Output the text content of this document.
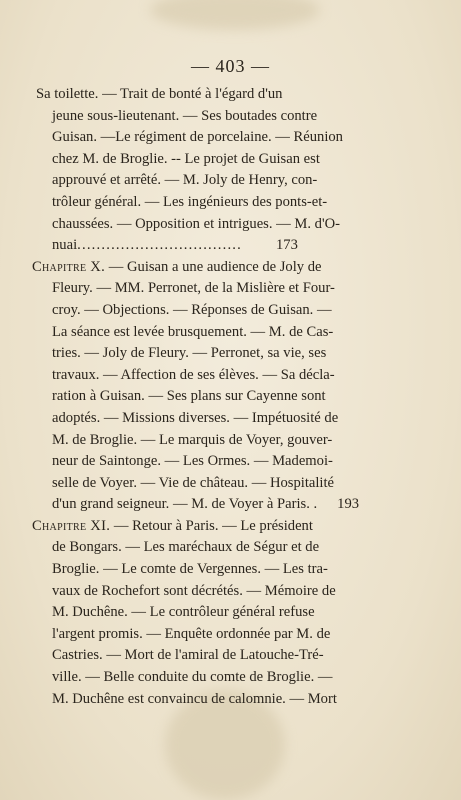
— 403 —
Sa toilette. — Trait de bonté à l'égard d'un
jeune sous-lieutenant. — Ses boutades contre
Guisan. —Le régiment de porcelaine. — Réunion
chez M. de Broglie. -- Le projet de Guisan est
approuvé et arrêté. — M. Joly de Henry, con-
trôleur général. — Les ingénieurs des ponts-et-
chaussées. — Opposition et intrigues. — M. d'O-
nuai.................................. 173
Chapitre X. — Guisan a une audience de Joly de
Fleury. — MM. Perronet, de la Mislière et Four-
croy. — Objections. — Réponses de Guisan. —
La séance est levée brusquement. — M. de Cas-
tries. — Joly de Fleury. — Perronet, sa vie, ses
travaux. — Affection de ses élèves. — Sa décla-
ration à Guisan. — Ses plans sur Cayenne sont
adoptés. — Missions diverses. — Impétuosité de
M. de Broglie. — Le marquis de Voyer, gouver-
neur de Saintonge. — Les Ormes. — Mademoi-
selle de Voyer. — Vie de château. — Hospitalité
d'un grand seigneur. — M. de Voyer à Paris. . 193
Chapitre XI. — Retour à Paris. — Le président
de Bongars. — Les maréchaux de Ségur et de
Broglie. — Le comte de Vergennes. — Les tra-
vaux de Rochefort sont décrétés. — Mémoire de
M. Duchêne. — Le contrôleur général refuse
l'argent promis. — Enquête ordonnée par M. de
Castries. — Mort de l'amiral de Latouche-Tré-
ville. — Belle conduite du comte de Broglie. —
M. Duchêne est convaincu de calomnie. — Mort
